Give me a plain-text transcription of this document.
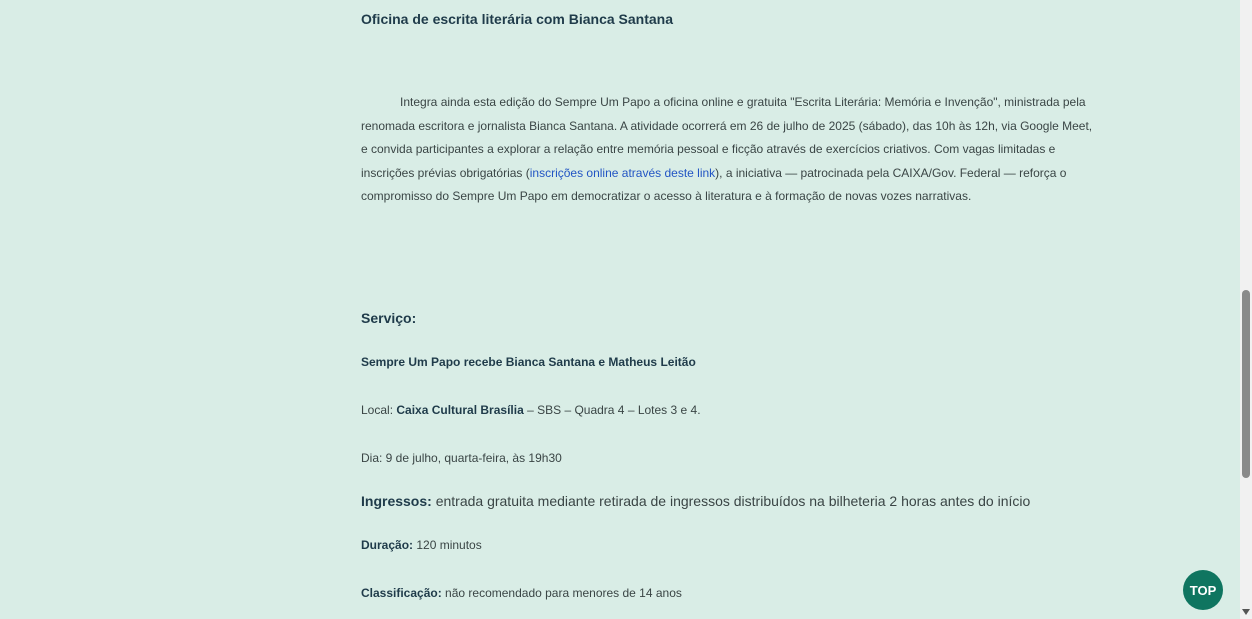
Oficina de escrita literária com Bianca Santana

Integra ainda esta edição do Sempre Um Papo a oficina online e gratuita "Escrita Literária: Memória e Invenção", ministrada pela renomada escritora e jornalista Bianca Santana. A atividade ocorrerá em 26 de julho de 2025 (sábado), das 10h às 12h, via Google Meet, e convida participantes a explorar a relação entre memória pessoal e ficção através de exercícios criativos. Com vagas limitadas e inscrições prévias obrigatórias (inscrições online através deste link), a iniciativa — patrocinada pela CAIXA/Gov. Federal — reforça o compromisso do Sempre Um Papo em democratizar o acesso à literatura e à formação de novas vozes narrativas.

Serviço:

Sempre Um Papo recebe Bianca Santana e Matheus Leitão

Local: Caixa Cultural Brasília – SBS – Quadra 4 – Lotes 3 e 4.

Dia: 9 de julho, quarta-feira, às 19h30

Ingressos: entrada gratuita mediante retirada de ingressos distribuídos na bilheteria 2 horas antes do início

Duração: 120 minutos

Classificação: não recomendado para menores de 14 anos	TOP
